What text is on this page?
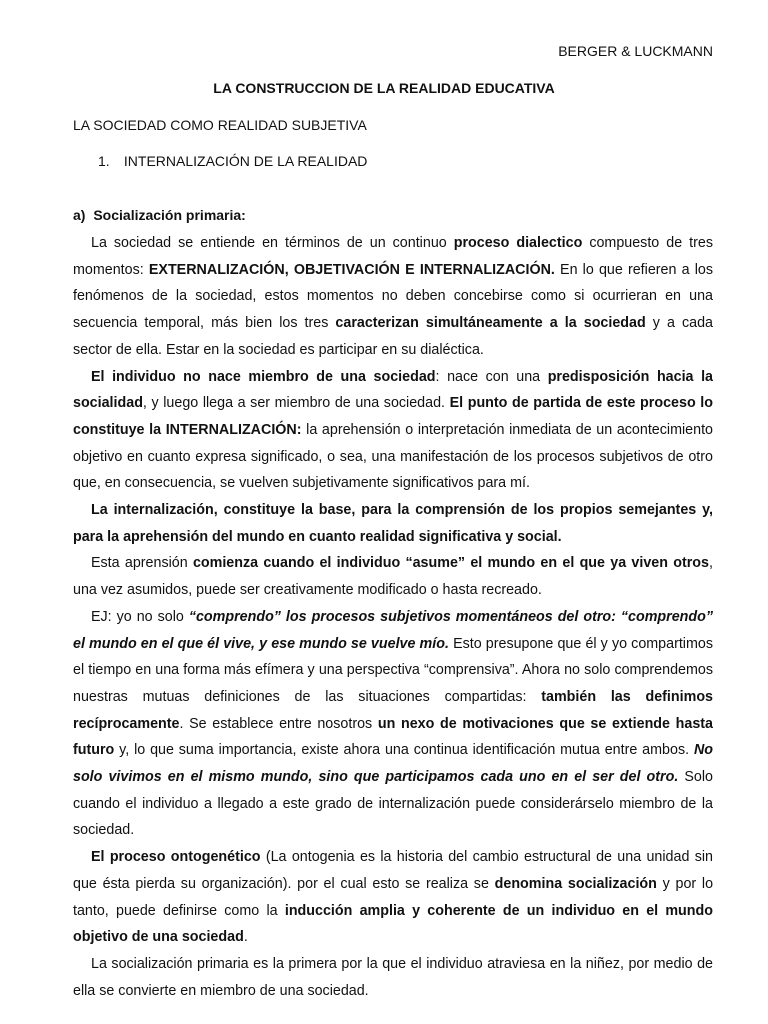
BERGER & LUCKMANN
LA CONSTRUCCION DE LA REALIDAD EDUCATIVA
LA SOCIEDAD COMO REALIDAD SUBJETIVA
1. INTERNALIZACIÓN DE LA REALIDAD
a) Socialización primaria:

La sociedad se entiende en términos de un continuo proceso dialectico compuesto de tres momentos: EXTERNALIZACIÓN, OBJETIVACIÓN E INTERNALIZACIÓN. En lo que refieren a los fenómenos de la sociedad, estos momentos no deben concebirse como si ocurrieran en una secuencia temporal, más bien los tres caracterizan simultáneamente a la sociedad y a cada sector de ella. Estar en la sociedad es participar en su dialéctica.

El individuo no nace miembro de una sociedad: nace con una predisposición hacia la socialidad, y luego llega a ser miembro de una sociedad. El punto de partida de este proceso lo constituye la INTERNALIZACIÓN: la aprehensión o interpretación inmediata de un acontecimiento objetivo en cuanto expresa significado, o sea, una manifestación de los procesos subjetivos de otro que, en consecuencia, se vuelven subjetivamente significativos para mí.

La internalización, constituye la base, para la comprensión de los propios semejantes y, para la aprehensión del mundo en cuanto realidad significativa y social.

Esta aprensión comienza cuando el individuo “asume” el mundo en el que ya viven otros, una vez asumidos, puede ser creativamente modificado o hasta recreado.

EJ: yo no solo “comprendo” los procesos subjetivos momentáneos del otro: “comprendo” el mundo en el que él vive, y ese mundo se vuelve mío. Esto presupone que él y yo compartimos el tiempo en una forma más efímera y una perspectiva “comprensiva”. Ahora no solo comprendemos nuestras mutuas definiciones de las situaciones compartidas: también las definimos recíprocamente. Se establece entre nosotros un nexo de motivaciones que se extiende hasta futuro y, lo que suma importancia, existe ahora una continua identificación mutua entre ambos. No solo vivimos en el mismo mundo, sino que participamos cada uno en el ser del otro. Solo cuando el individuo a llegado a este grado de internalización puede considerárselo miembro de la sociedad.

El proceso ontogenético (La ontogenia es la historia del cambio estructural de una unidad sin que ésta pierda su organización). por el cual esto se realiza se denomina socialización y por lo tanto, puede definirse como la inducción amplia y coherente de un individuo en el mundo objetivo de una sociedad.

La socialización primaria es la primera por la que el individuo atraviesa en la niñez, por medio de ella se convierte en miembro de una sociedad.
